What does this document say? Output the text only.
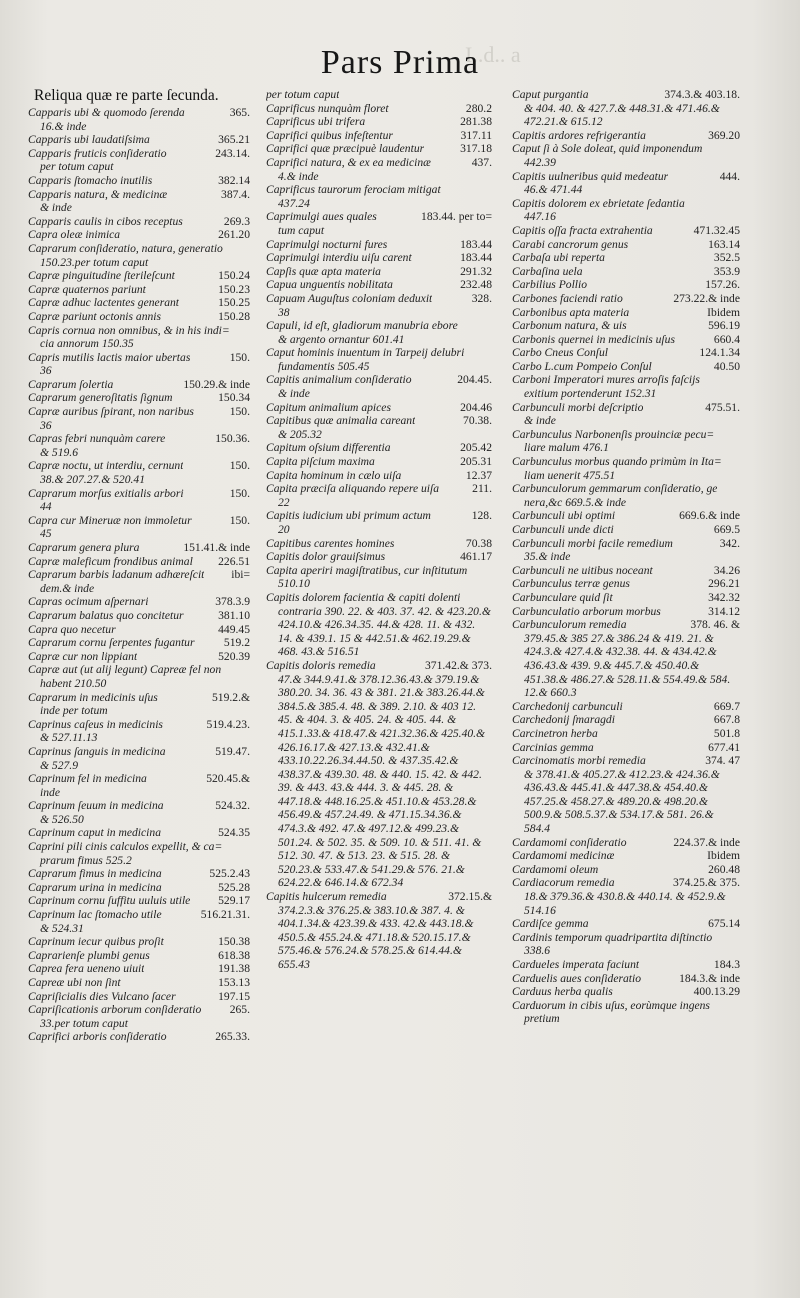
I..d.. a
Pars Prima
Reliqua quæ re parte ſecunda.
Capparis ubi & quomodo ſerenda	365.
16.& inde
Capparis ubi laudatiſsima	365.21
Capparis fruticis conſideratio	243.14.
per totum caput
Capparis ſtomacho inutilis	382.14
Capparis natura, & medicinæ	387.4.
& inde
Capparis caulis in cibos receptus	269.3
Capra oleæ inimica	261.20
Caprarum conſideratio, natura, generatio
150.23.per totum caput
Capræ pinguitudine ſterileſcunt	150.24
Capræ quaternos pariunt	150.23
Capræ adhuc lactentes generant	150.25
Capræ pariunt octonis annis	150.28
Capris cornua non omnibus, & in his indi=
cia annorum 150.35
Capris mutilis lactis maior ubertas	150.
36
Caprarum ſolertia	150.29.& inde
Caprarum generoſitatis ſignum	150.34
Capræ auribus ſpirant, non naribus	150.
36
Capras febri nunquàm carere	150.36.
& 519.6
Capræ noctu, ut interdiu, cernunt	150.
38.& 207.27.& 520.41
Caprarum morſus exitialis arbori	150.
44
Capra cur Mineruæ non immoletur	150.
45
Caprarum genera plura	151.41.& inde
Capræ maleficum frondibus animal 226.51
Caprarum barbis ladanum adhæreſcit ibi=
dem.& inde
Capras ocimum aſpernari	378.3.9
Caprarum balatus quo concitetur	381.10
Capra quo necetur	449.45
Caprarum cornu ſerpentes fugantur	519.2
Capræ cur non lippiant	520.39
Capræ aut (ut alij legunt) Capreæ fel non
habent 210.50
Caprarum in medicinis uſus	519.2.&
inde per totum
Caprinus caſeus in medicinis	519.4.23.
& 527.11.13
Caprinus ſanguis in medicina	519.47.
& 527.9
Caprinum fel in medicina	520.45.&
inde
Caprinum ſeuum in medicina	524.32.
& 526.50
Caprinum caput in medicina	524.35
Caprini pili cinis calculos expellit, & ca=
prarum fimus 525.2
Caprarum fimus in medicina	525.2.43
Caprarum urina in medicina	525.28
Caprinum cornu ſuffitu uuluis utile 529.17
Caprinum lac ſtomacho utile	516.21.31.
& 524.31
Caprinum iecur quibus proſit	150.38
Caprarienſe plumbi genus	618.38
Caprea fera ueneno uiuit	191.38
Capreæ ubi non ſint	153.13
Capriſicialis dies Vulcano ſacer	197.15
Capriſicationis arborum conſideratio 265.
33.per totum caput
Caprifici arboris conſideratio	265.33.
per totum caput
Caprificus nunquàm floret	280.2
Caprificus ubi trifera	281.38
Caprifici quibus infeſtentur	317.11
Caprifici quæ præcipuè laudentur	317.18
Caprifici natura, & ex ea medicinæ	437.
4.& inde
Caprificus taurorum ferociam mitigat
437.24
Caprimulgi aues quales	183.44. per to=
tum caput
Caprimulgi nocturni fures	183.44
Caprimulgi interdiu uiſu carent	183.44
Capſis quæ apta materia	291.32
Capua unguentis nobilitata	232.48
Capuam Auguſtus coloniam deduxit	328.
38
Capuli, id eſt, gladiorum manubria ebore
& argento ornantur 601.41
Caput hominis inuentum in Tarpeij delubri
fundamentis 505.45
Capitis animalium conſideratio	204.45.
& inde
Capitum animalium apices	204.46
Capitibus quæ animalia careant	70.38.
& 205.32
Capitum oſsium differentia	205.42
Capita piſcium maxima	205.31
Capita hominum in cælo uiſa	12.37
Capita præciſa aliquando repere uiſa	211.
22
Capitis iudicium ubi primum actum	128.
20
Capitibus carentes homines	70.38
Capitis dolor grauiſsimus	461.17
Capita aperiri magiſtratibus, cur inſtitutum
510.10
Capitis dolorem facientia & capiti dolenti
contraria 390. 22. & 403. 37. 42. & 423.20.& 424.10.& 426.34.35. 44.& 428. 11. & 432. 14. & 439.1. 15 & 442.51.& 462.19.29.& 468. 43.& 516.51
Capitis doloris remedia	371.42.& 373.
47.& 344.9.41.& 378.12.36.43.& 379.19.& 380.20. 34. 36. 43 & 381. 21.& 383.26.44.& 384.5.& 385.4. 48. & 389. 2.10. & 403 12. 45. & 404. 3. & 405. 24. & 405. 44. & 415.1.33.& 418.47.& 421.32.36.& 425.40.& 426.16.17.& 427.13.& 432.41.& 433.10.22.26.34.44.50. & 437.35.42.& 438.37.& 439.30. 48. & 440. 15. 42. & 442. 39. & 443. 43.& 444. 3. & 445. 28. & 447.18.& 448.16.25.& 451.10.& 453.28.& 456.49.& 457.24.49. & 471.15.34.36.& 474.3.& 492. 47.& 497.12.& 499.23.& 501.24. & 502. 35. & 509. 10. & 511. 41. & 512. 30. 47. & 513. 23. & 515. 28. & 520.23.& 533.47.& 541.29.& 576. 21.& 624.22.& 646.14.& 672.34
Capitis hulcerum remedia	372.15.&
374.2.3.& 376.25.& 383.10.& 387. 4. & 404.1.34.& 423.39.& 433. 42.& 443.18.& 450.5.& 455.24.& 471.18.& 520.15.17.& 575.46.& 576.24.& 578.25.& 614.44.& 655.43
Caput purgantia	374.3.& 403.18.
& 404. 40. & 427.7.& 448.31.& 471.46.& 472.21.& 615.12
Capitis ardores refrigerantia	369.20
Caput ſi à Sole doleat, quid imponendum
442.39
Capitis uulneribus quid medeatur	444.
46.& 471.44
Capitis dolorem ex ebrietate ſedantia
447.16
Capitis oſſa fracta extrahentia	471.32.45
Carabi cancrorum genus	163.14
Carbaſa ubi reperta	352.5
Carbaſina uela	353.9
Carbilius Pollio	157.26.
Carbones faciendi ratio	273.22.& inde
Carbonibus apta materia	Ibidem
Carbonum natura, & uis	596.19
Carbonis quernei in medicinis uſus	660.4
Carbo Cneus Conſul	124.1.34
Carbo L.cum Pompeio Conſul	40.50
Carboni Imperatori mures arroſis faſcijs
exitium portenderunt 152.31
Carbunculi morbi deſcriptio	475.51.
& inde
Carbunculus Narbonenſis prouinciæ pecu=
liare malum 476.1
Carbunculus morbus quando primùm in Ita=
liam uenerit 475.51
Carbunculorum gemmarum conſideratio, ge
nera,&c 669.5.& inde
Carbunculi ubi optimi	669.6.& inde
Carbunculi unde dicti	669.5
Carbunculi morbi facile remedium	342.
35.& inde
Carbunculi ne uitibus noceant	34.26
Carbunculus terræ genus	296.21
Carbunculare quid ſit	342.32
Carbunculatio arborum morbus	314.12
Carbunculorum remedia	378. 46. &
379.45.& 385 27.& 386.24 & 419. 21. & 424.3.& 427.4.& 432.38. 44. & 434.42.& 436.43.& 439. 9.& 445.7.& 450.40.& 451.38.& 486.27.& 528.11.& 554.49.& 584. 12.& 660.3
Carchedonij carbunculi	669.7
Carchedonij ſmaragdi	667.8
Carcinetron herba	501.8
Carcinias gemma	677.41
Carcinomatis morbi remedia	374. 47
& 378.41.& 405.27.& 412.23.& 424.36.& 436.43.& 445.41.& 447.38.& 454.40.& 457.25.& 458.27.& 489.20.& 498.20.& 500.9.& 508.5.37.& 534.17.& 581. 26.& 584.4
Cardamomi conſideratio	224.37.& inde
Cardamomi medicinæ	Ibidem
Cardamomi oleum	260.48
Cardiacorum remedia	374.25.& 375.
18.& 379.36.& 430.8.& 440.14. & 452.9.& 514.16
Cardiſce gemma	675.14
Cardinis temporum quadripartita diſtinctio
338.6
Cardueles imperata faciunt	184.3
Carduelis aues conſideratio	184.3.& inde
Carduus herba qualis	400.13.29
Carduorum in cibis uſus, eorùmque ingens
pretium
